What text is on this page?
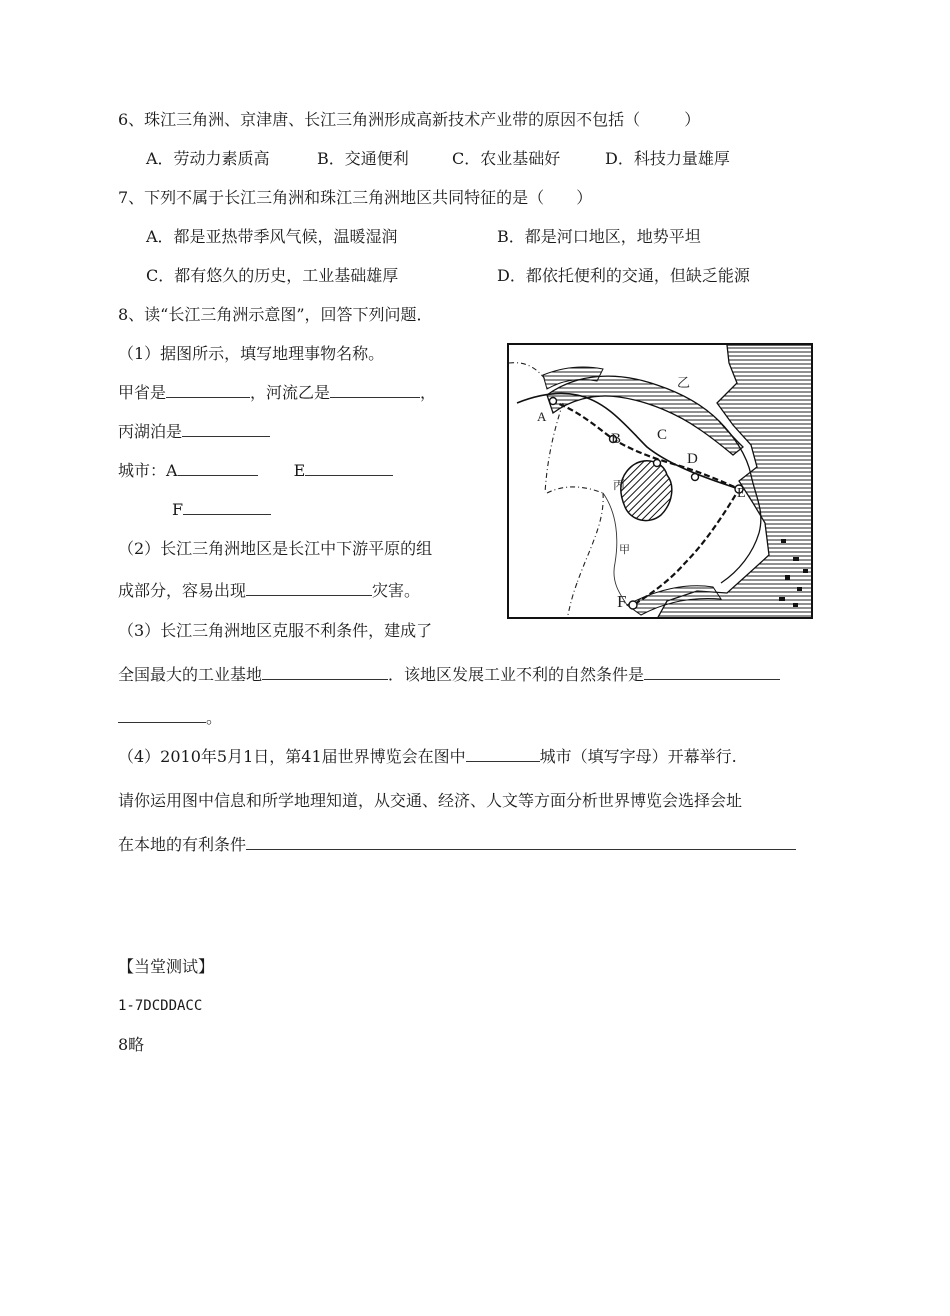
6、珠江三角洲、京津唐、长江三角洲形成高新技术产业带的原因不包括（	）
A．劳动力素质高	B．交通便利	C．农业基础好	D．科技力量雄厚
7、下列不属于长江三角洲和珠江三角洲地区共同特征的是（ ）
A．都是亚热带季风气候，温暖湿润	B．都是河口地区，地势平坦
C．都有悠久的历史，工业基础雄厚	D．都依托便利的交通，但缺乏能源
8、读“长江三角洲示意图”，回答下列问题．
（1）据图所示，填写地理事物名称。
甲省是	，河流乙是	，
丙湖泊是
城市：A	E
F
（2）长江三角洲地区是长江中下游平原的组
成部分，容易出现	灾害。
（3）长江三角洲地区克服不利条件，建成了
全国最大的工业基地	．该地区发展工业不利的自然条件是
。
（4）2010年5月1日，第41届世界博览会在图中	城市（填写字母）开幕举行.
请你运用图中信息和所学地理知道，从交通、经济、人文等方面分析世界博览会选择会址
在本地的有利条件
【当堂测试】
1-7DCDDACC
8略
A
B C
D
E
F
乙
丙
甲
